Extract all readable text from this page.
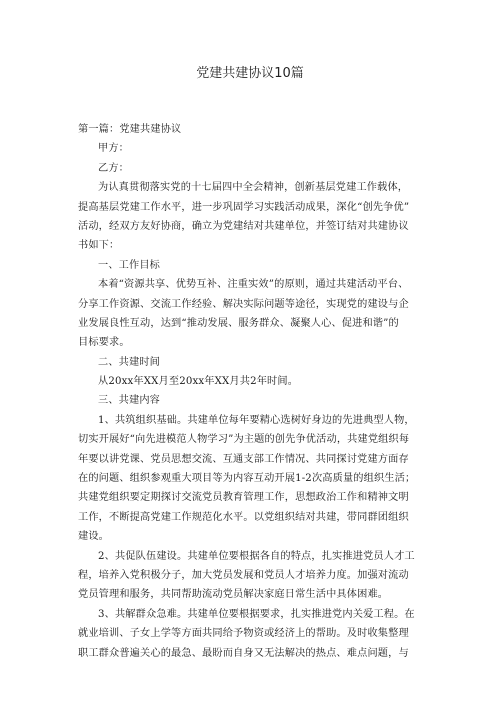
党建共建协议10篇
第一篇：党建共建协议
甲方：
乙方：
为认真贯彻落实党的十七届四中全会精神，创新基层党建工作载体，
提高基层党建工作水平，进一步巩固学习实践活动成果，深化“创先争优”
活动，经双方友好协商，确立为党建结对共建单位，并签订结对共建协议
书如下：
一、工作目标
本着“资源共享、优势互补、注重实效”的原则，通过共建活动平台、
分享工作资源、交流工作经验、解决实际问题等途径，实现党的建设与企
业发展良性互动，达到“推动发展、服务群众、凝聚人心、促进和谐”的
目标要求。
二、共建时间
从20xx年XX月至20xx年XX月共2年时间。
三、共建内容
1、共筑组织基础。共建单位每年要精心选树好身边的先进典型人物，
切实开展好“向先进模范人物学习”为主题的创先争优活动，共建党组织每
年要以讲党课、党员思想交流、互通支部工作情况、共同探讨党建方面存
在的问题、组织参观重大项目等为内容互动开展1-2次高质量的组织生活；
共建党组织要定期探讨交流党员教育管理工作，思想政治工作和精神文明
工作，不断提高党建工作规范化水平。以党组织结对共建，带同群团组织
建设。
2、共促队伍建设。共建单位要根据各自的特点，扎实推进党员人才工
程，培养入党积极分子，加大党员发展和党员人才培养力度。加强对流动
党员管理和服务，共同帮助流动党员解决家庭日常生活中具体困难。
3、共解群众急难。共建单位要根据要求，扎实推进党内关爱工程。在
就业培训、子女上学等方面共同给予物资或经济上的帮助。及时收集整理
职工群众普遍关心的最急、最盼而自身又无法解决的热点、难点问题，与
